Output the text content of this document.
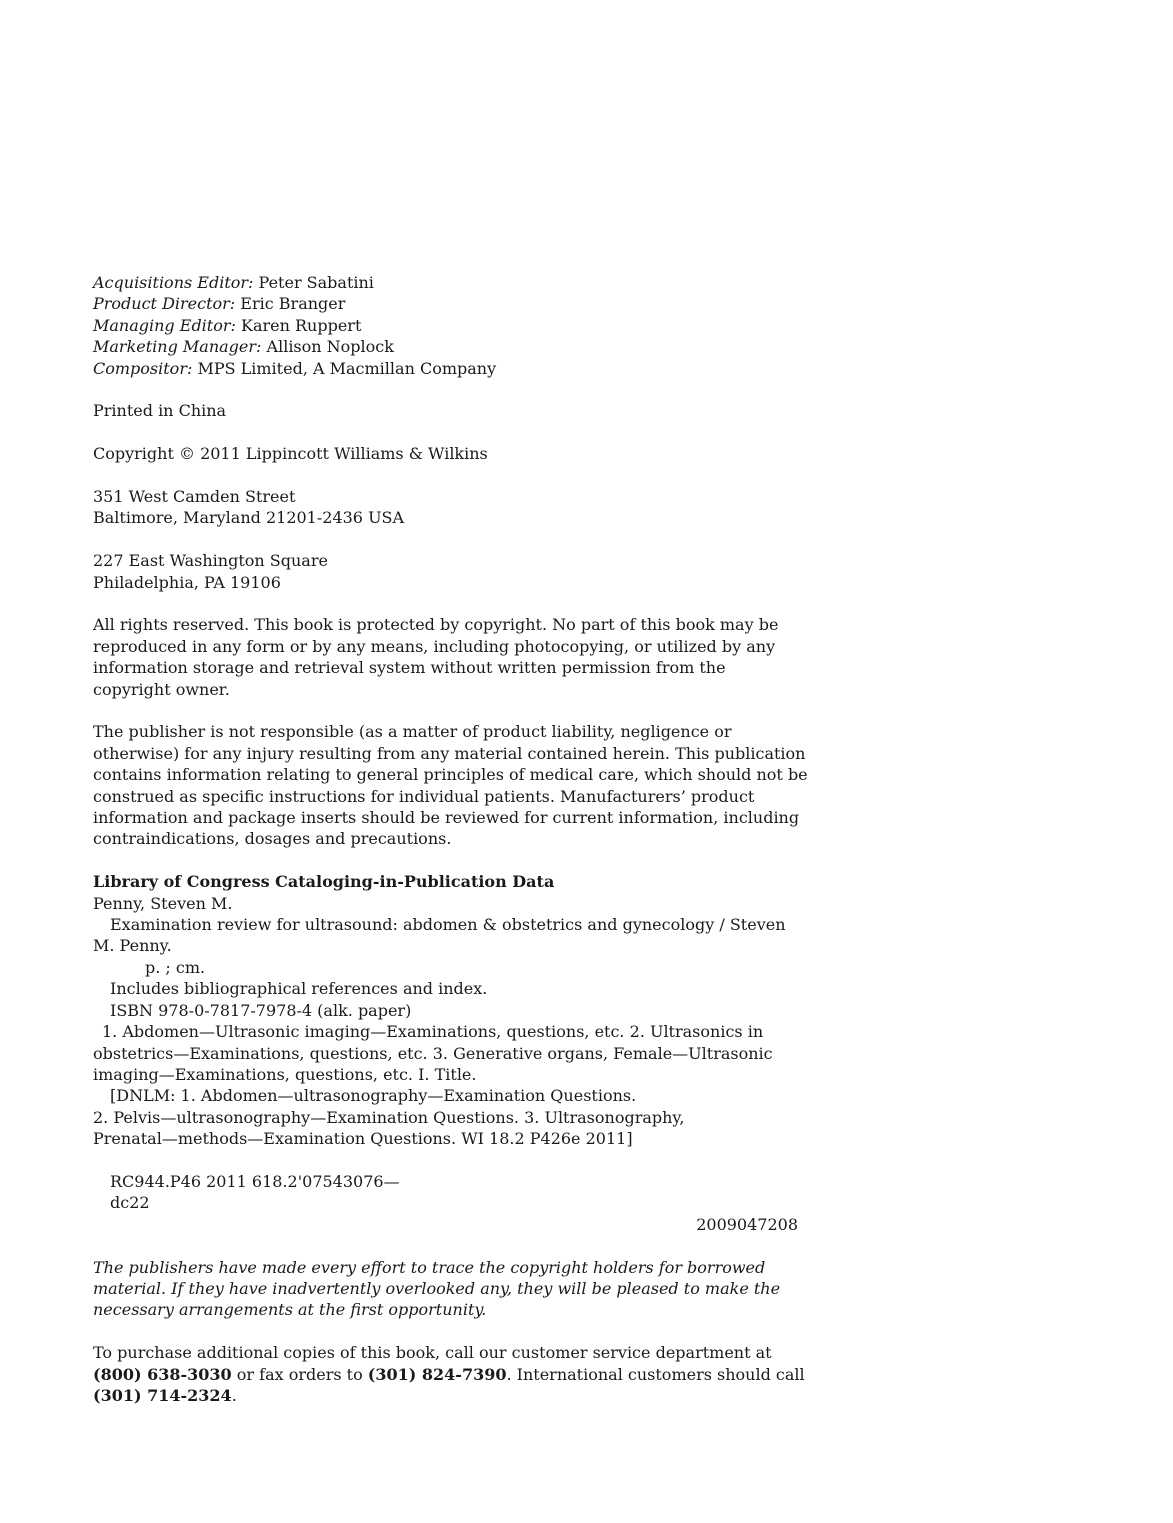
Acquisitions Editor: Peter Sabatini
Product Director: Eric Branger
Managing Editor: Karen Ruppert
Marketing Manager: Allison Noplock
Compositor: MPS Limited, A Macmillan Company
Printed in China
Copyright © 2011 Lippincott Williams & Wilkins
351 West Camden Street
Baltimore, Maryland 21201-2436 USA
227 East Washington Square
Philadelphia, PA 19106
All rights reserved. This book is protected by copyright. No part of this book may be
reproduced in any form or by any means, including photocopying, or utilized by any
information storage and retrieval system without written permission from the
copyright owner.
The publisher is not responsible (as a matter of product liability, negligence or
otherwise) for any injury resulting from any material contained herein. This publication
contains information relating to general principles of medical care, which should not be
construed as specific instructions for individual patients. Manufacturers’ product
information and package inserts should be reviewed for current information, including
contraindications, dosages and precautions.
Library of Congress Cataloging-in-Publication Data
Penny, Steven M.
Examination review for ultrasound: abdomen & obstetrics and gynecology / Steven
M. Penny.
p. ; cm.
Includes bibliographical references and index.
ISBN 978-0-7817-7978-4 (alk. paper)
1. Abdomen—Ultrasonic imaging—Examinations, questions, etc. 2. Ultrasonics in
obstetrics—Examinations, questions, etc. 3. Generative organs, Female—Ultrasonic
imaging—Examinations, questions, etc. I. Title.
[DNLM: 1. Abdomen—ultrasonography—Examination Questions.
2. Pelvis—ultrasonography—Examination Questions. 3. Ultrasonography,
Prenatal—methods—Examination Questions. WI 18.2 P426e 2011]
RC944.P46 2011 618.2'07543076—
dc22
2009047208
The publishers have made every effort to trace the copyright holders for borrowed
material. If they have inadvertently overlooked any, they will be pleased to make the
necessary arrangements at the first opportunity.
To purchase additional copies of this book, call our customer service department at
(800) 638-3030 or fax orders to (301) 824-7390. International customers should call
(301) 714-2324.
